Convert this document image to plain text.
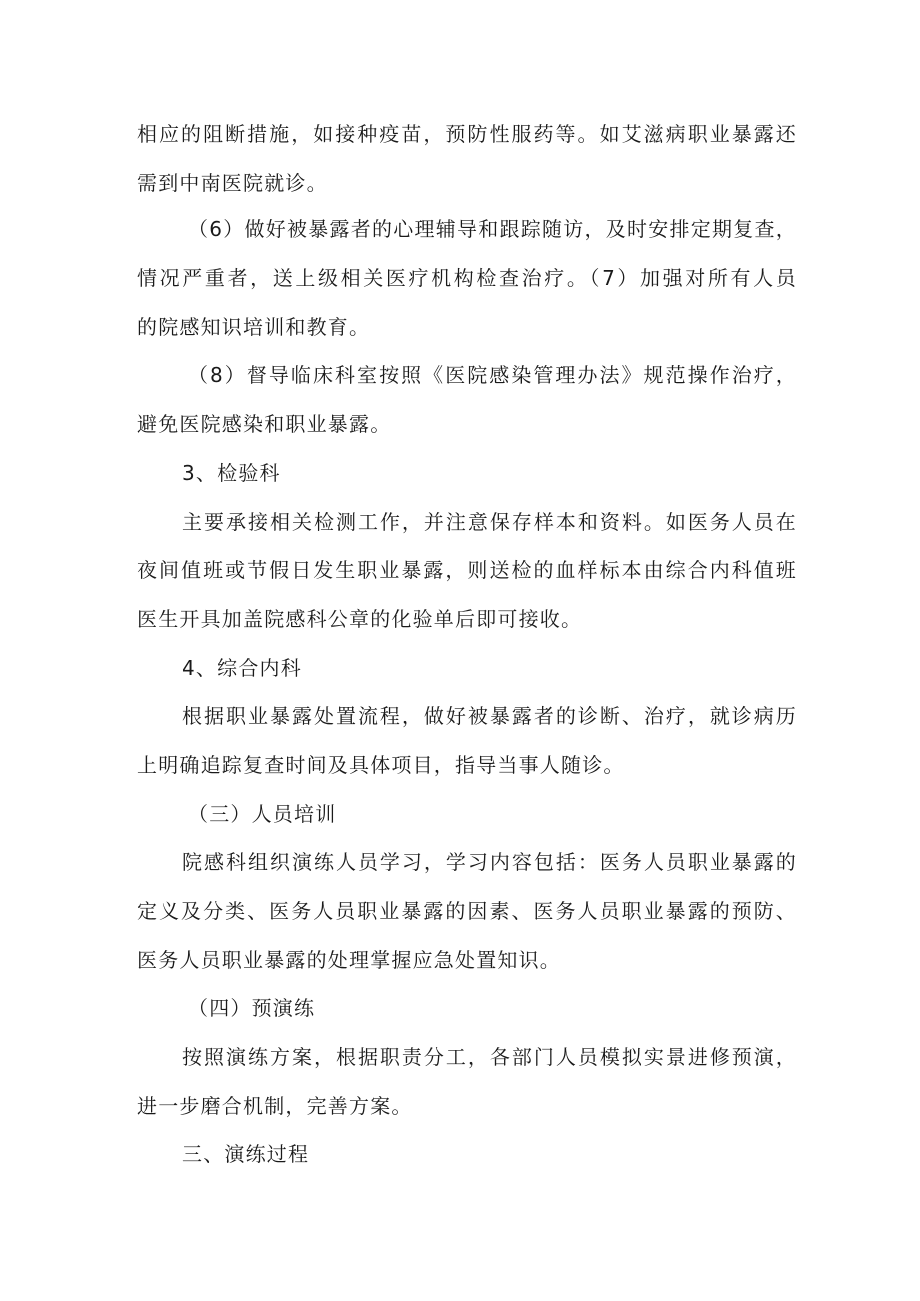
相应的阻断措施，如接种疫苗，预防性服药等。如艾滋病职业暴露还
需到中南医院就诊。
（6）做好被暴露者的心理辅导和跟踪随访，及时安排定期复查，
情况严重者，送上级相关医疗机构检查治疗。（7）加强对所有人员
的院感知识培训和教育。
（8）督导临床科室按照《医院感染管理办法》规范操作治疗，
避免医院感染和职业暴露。
3、检验科
主要承接相关检测工作，并注意保存样本和资料。如医务人员在
夜间值班或节假日发生职业暴露，则送检的血样标本由综合内科值班
医生开具加盖院感科公章的化验单后即可接收。
4、综合内科
根据职业暴露处置流程，做好被暴露者的诊断、治疗，就诊病历
上明确追踪复查时间及具体项目，指导当事人随诊。
（三）人员培训
院感科组织演练人员学习，学习内容包括：医务人员职业暴露的
定义及分类、医务人员职业暴露的因素、医务人员职业暴露的预防、
医务人员职业暴露的处理掌握应急处置知识。
（四）预演练
按照演练方案，根据职责分工，各部门人员模拟实景进修预演，
进一步磨合机制，完善方案。
三、演练过程
